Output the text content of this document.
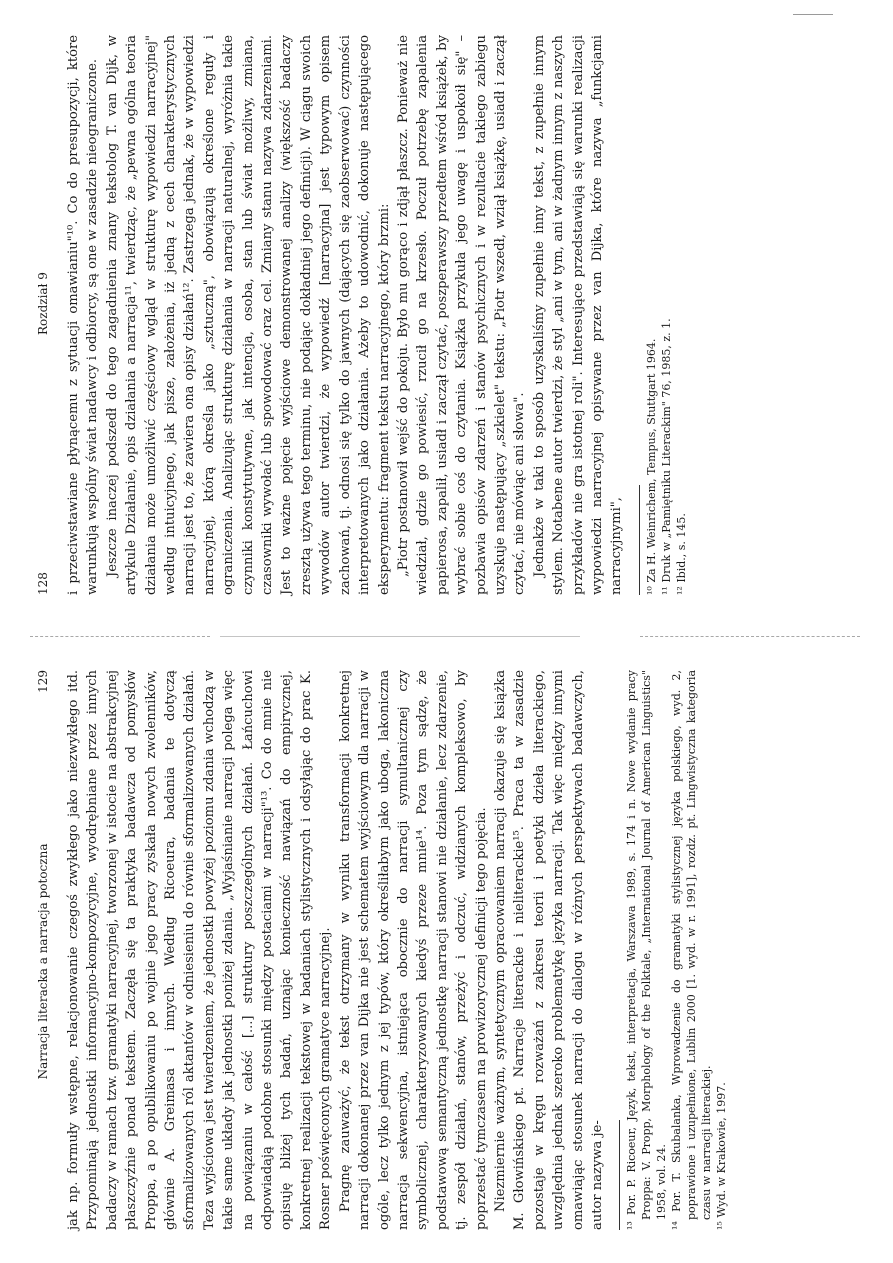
128
Rozdział 9 i przeciwstawiane płynącemu z sytuacji omawianiu"¹⁰. Co do presupozycji, które warunkują wspólny świat nadawcy i odbiorcy, są one w zasadzie nieograniczone. Jeszcze inaczej podszedł do tego zagadnienia znany tekstolog T. van Dijk, w artykule Działanie, opis działania a narracja¹¹, twierdząc, że „pewna ogólna teoria działania może umożliwić częściowy wgląd w strukturę wypowiedzi narracyjnej" według intuicyjnego, jak pisze, założenia, iż jedną z cech charakterystycznych narracji jest to, że zawiera ona opisy działań¹². Zastrzega jednak, że w wypowiedzi narracyjnej, którą określa jako „sztuczną", obowiązują określone reguły i ograniczenia. Analizując strukturę działania w narracji naturalnej, wyróżnia takie czynniki konstytutywne, jak intencja, osoba, stan lub świat możliwy, zmiana, czasowniki wywołać lub spowodować oraz cel. Zmiany stanu nazywa zdarzeniami. Jest to ważne pojęcie wyjściowe demonstrowanej analizy (większość badaczy zresztą używa tego terminu, nie podając dokładniej jego definicji). W ciągu swoich wywodów autor twierdzi, że wypowiedź [narracyjna] jest typowym opisem zachowań, tj. odnosi się tylko do jawnych (dających się zaobserwować) czynności interpretowanych jako działania. Ażeby to udowodnić, dokonuje następującego eksperymentu: fragment tekstu narracyjnego, który brzmi: „Piotr postanowił wejść do pokoju. Było mu gorąco i zdjął płaszcz. Ponieważ nie wiedział, gdzie go powiesić, rzucił go na krzesło. Poczuł potrzebę zapalenia papierosa, zapalił, usiadł i zaczął czytać, poszperawszy przedtem wśród książek, by wybrać sobie coś do czytania. Książka przykuła jego uwagę i uspokoił się" – pozbawia opisów zdarzeń i stanów psychicznych i w rezultacie takiego zabiegu uzyskuje następujący „szkielet" tekstu: „Piotr wszedł, wziął książkę, usiadł i zaczął czytać, nie mówiąc ani słowa". Jednakże w taki to sposób uzyskaliśmy zupełnie inny tekst, z zupełnie innym stylem. Notabene autor twierdzi, że styl „ani w tym, ani w żadnym innym z naszych przykładów nie gra istotnej roli". Interesujące przedstawiają się warunki realizacji wypowiedzi narracyjnej opisywane przez van Dijka, które nazywa „funkcjami narracyjnymi", ¹⁰ Za H. Weinrichem, Tempus, Stuttgart 1964. ¹¹ Druk w „Pamiętniku Literackim" 76, 1985, z. 1. ¹² Ibid., s. 145.

Narracja literacka a narracja potoczna
129 jak np. formuły wstępne, relacjonowanie czegoś zwykłego jako niezwykłego itd. Przypominają jednostki informacyjno-kompozycyjne, wyodrębniane przez innych badaczy w ramach tzw. gramatyki narracyjnej, tworzonej w istocie na abstrakcyjnej płaszczyźnie ponad tekstem. Zaczęła się ta praktyka badawcza od pomysłów Proppa, a po opublikowaniu po wojnie jego pracy zyskała nowych zwolenników, głównie A. Greimasa i innych. Według Ricoeura, badania te dotyczą sformalizowanych ról aktantów w odniesieniu do równie sformalizowanych działań. Teza wyjściowa jest twierdzeniem, że jednostki powyżej poziomu zdania wchodzą w takie same układy jak jednostki poniżej zdania. „Wyjaśnianie narracji polega więc na powiązaniu w całość [...] struktury poszczególnych działań. Łańcuchowi odpowiadają podobne stosunki między postaciami w narracji"¹³. Co do mnie nie opisuję bliżej tych badań, uznając konieczność nawiązań do empirycznej, konkretnej realizacji tekstowej w badaniach stylistycznych i odsyłając do prac K. Rosner poświęconych gramatyce narracyjnej. Pragnę zauważyć, że tekst otrzymany w wyniku transformacji konkretnej narracji dokonanej przez van Dijka nie jest schematem wyjściowym dla narracji w ogóle, lecz tylko jednym z jej typów, który określiłabym jako uboga, lakoniczna narracja sekwencyjna, istniejąca obocznie do narracji symultanicznej czy symbolicznej, charakteryzowanych kiedyś przeze mnie¹⁴. Poza tym sądzę, że podstawową semantyczną jednostkę narracji stanowi nie działanie, lecz zdarzenie, tj. zespół działań, stanów, przeżyć i odczuć, widzianych kompleksowo, by poprzestać tymczasem na prowizorycznej definicji tego pojęcia. Niezmiernie ważnym, syntetycznym opracowaniem narracji okazuje się książka M. Głowińskiego pt. Narracje literackie i nieliterackie¹⁵. Praca ta w zasadzie pozostaje w kręgu rozważań z zakresu teorii i poetyki dzieła literackiego, uwzględnia jednak szeroko problematykę języka narracji. Tak więc między innymi omawiając stosunek narracji do dialogu w różnych perspektywach badawczych, autor nazywa je- ¹³ Por. P. Ricoeur, Język, tekst, interpretacja, Warszawa 1989, s. 174 i n. Nowe wydanie pracy Proppa: V. Propp, Morphology of the Folktale, „International Journal of American Linguistics" 1958, vol. 24. ¹⁴ Por. T. Skubalanka, Wprowadzenie do gramatyki stylistycznej języka polskiego, wyd. 2, poprawione i uzupełnione, Lublin 2000 [1. wyd. w r. 1991], rozdz. pt. Lingwistyczna kategoria czasu w narracji literackiej. ¹⁵ Wyd. w Krakowie, 1997.
